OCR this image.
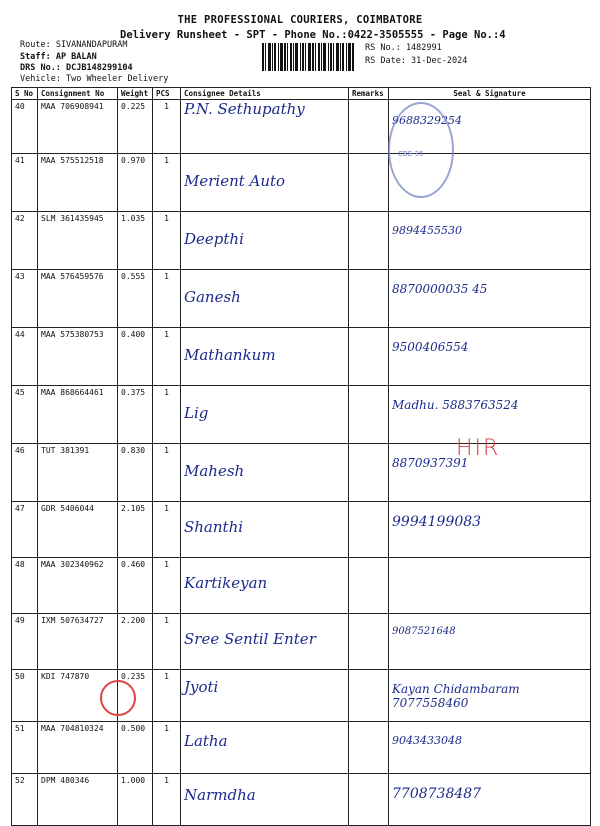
THE PROFESSIONAL COURIERS, COIMBATORE
Delivery Runsheet - SPT - Phone No.:0422-3505555 - Page No.:4
Route: SIVANANDAPURAM
Staff: AP BALAN
DRS No.: DCJB148299104
Vehicle: Two Wheeler Delivery
RS No.: 1482991
RS Date: 31-Dec-2024
S No	Consignment No	Weight	PCS	Consignee Details	Remarks	Seal & Signature
40	MAA 706908941	0.225	1	P.N. Sethupathy		9688329254
41	MAA 575512518	0.970	1	Merient Auto		
42	SLM 361435945	1.035	1	Deepthi		9894455530
43	MAA 576459576	0.555	1	Ganesh		8870000035 45
44	MAA 575380753	0.400	1	Mathankum		9500406554
45	MAA 868664461	0.375	1	Lig		Madhu. 5883763524
46	TUT 381391	0.830	1	Mahesh		8870937391
47	GDR 5406044	2.105	1	Shanthi		9994199083
48	MAA 302340962	0.460	1	Kartikeyan		
49	IXM 507634727	2.200	1	Sree Sentil Enter		9087521648
50	KDI 747870	0.235	1	Jyoti		Kayan Chidambaram 7077558460
51	MAA 704810324	0.500	1	Latha		9043433048
52	DPM 480346	1.000	1	Narmdha		7708738487
CBE-35
HIR
